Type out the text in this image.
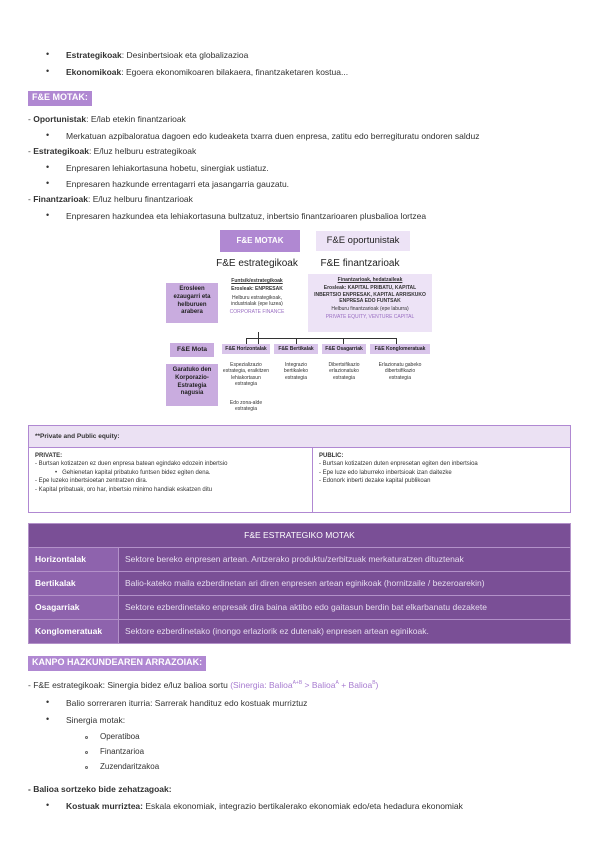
• Estrategikoak: Desinbertsioak eta globalizazioa
• Ekonomikoak: Egoera ekonomikoaren bilakaera, finantzaketaren kostua...
F&E MOTAK:
- Oportunistak: E/lab etekin finantzarioak
• Merkatuan azpibaloratua dagoen edo kudeaketa txarra duen enpresa, zatitu edo berregituratu ondoren salduz
- Estrategikoak: E/luz helburu estrategikoak
• Enpresaren lehiakortasuna hobetu, sinergiak ustiatuz.
• Enpresaren hazkunde errentagarri eta jasangarria gauzatu.
- Finantzarioak: E/luz helburu finantzarioak
• Enpresaren hazkundea eta lehiakortasuna bultzatuz, inbertsio finantzarioaren plusbalioa lortzea
F&E MOTAK	F&E oportunistak
F&E estrategikoak	F&E finantzarioak
Erosleen ezaugarri eta helburuen arabera
F&E Mota
Garatuko den Korporazio-Estrategia nagusia
Funtsik/estrategikoak
Erosleak: ENPRESAK
Helburu estrategikoak, industrialak (epe luzea)
CORPORATE FINANCE
Finantzarioak, hedatzaileak
Erosleak: KAPITAL PRIBATU, KAPITAL INBERTSIO ENPRESAK, KAPITAL ARRISKUKO ENPRESA EDO FUNTSAK
Helburu finantzarioak (epe laburra)
PRIVATE EQUITY, VENTURE CAPITAL
F&E Horizontalak	F&E Bertikalak	F&E Osagarriak	F&E Konglomeratuak
Espezializazio estrategia, eraikitzen lehiakortasun estrategia
Integrazio bertikaleko estrategia
Dibertsifikazio erlazionatuko estrategia
Erlazionatu gabeko dibertsifikazio estrategia
Edo zona-alde estrategia
**Private and Public equity:
PRIVATE:
- Burtsan kotizatzen ez duen enpresa batean egindako edozein inbertsio
•   Gehienetan kapital pribatuko funtsen bidez egiten dena.
- Epe luzeko inbertsioetan zentratzen dira.
- Kapital pribatuak, oro har, inbertsio minimo handiak eskatzen ditu
PUBLIC:
- Burtsan kotizatzen duten enpresetan egiten den inbertsioa
- Epe luze edo laburreko inbertsioak izan daitezke
- Edonork inberti dezake kapital publikoan
F&E ESTRATEGIKO MOTAK	
Horizontalak	Sektore bereko enpresen artean. Antzerako produktu/zerbitzuak merkaturatzen dituztenak
Bertikalak	Balio-kateko maila ezberdinetan ari diren enpresen artean eginikoak (hornitzaile / bezeroarekin)
Osagarriak	Sektore ezberdinetako enpresak dira baina aktibo edo gaitasun berdin bat elkarbanatu dezakete
Konglomeratuak	Sektore ezberdinetako (inongo erlaziorik ez dutenak) enpresen artean eginikoak.
KANPO HAZKUNDEAREN ARRAZOIAK:
- F&E estrategikoak: Sinergia bidez e/luz balioa sortu (Sinergia: Balioa$^{A+B}$ > Balioa$^A$ + Balioa$^B$)
• Balio sorreraren iturria: Sarrerak handituz edo kostuak murriztuz
• Sinergia motak:
Operatiboa
Finantzarioa
Zuzendaritzakoa
- Balioa sortzeko bide zehatzagoak:
• Kostuak murriztea: Eskala ekonomiak, integrazio bertikalerako ekonomiak edo/eta hedadura ekonomiak
